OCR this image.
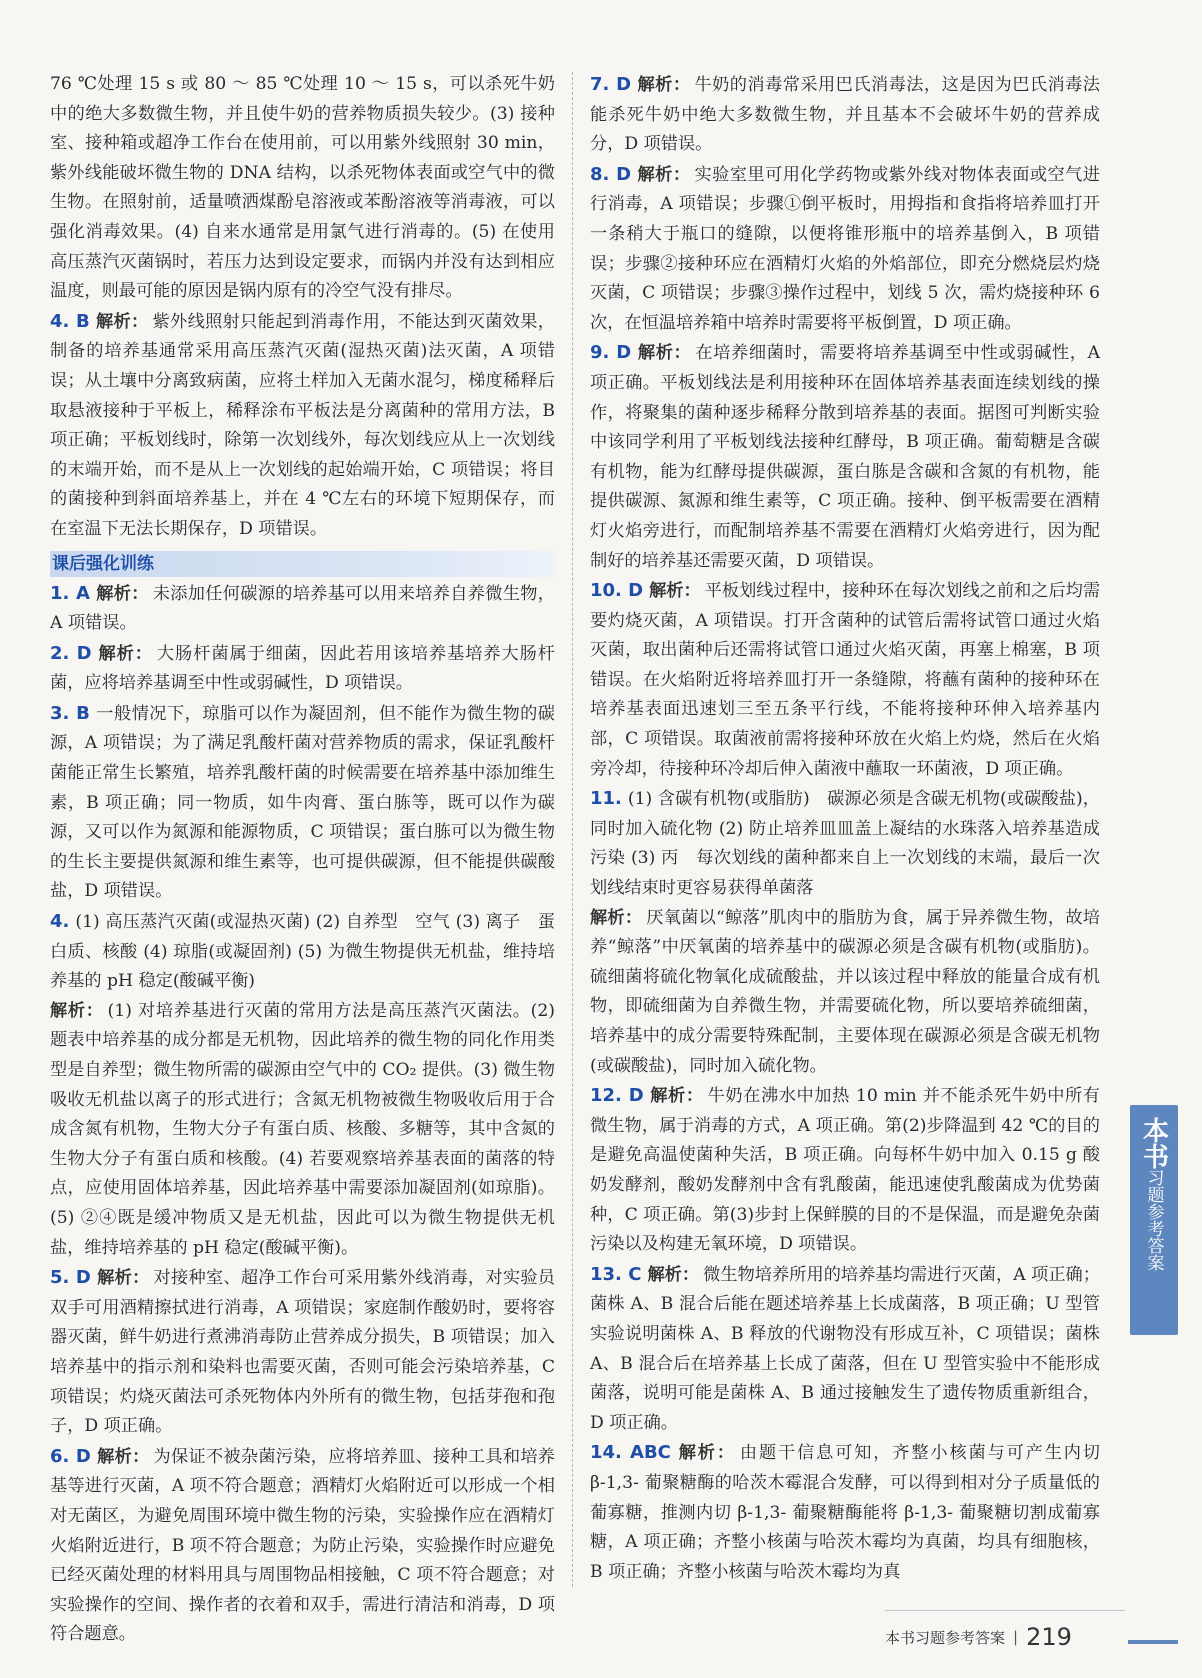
76 ℃处理 15 s 或 80 ～ 85 ℃处理 10 ～ 15 s，可以杀死牛奶中的绝大多数微生物，并且使牛奶的营养物质损失较少。(3) 接种室、接种箱或超净工作台在使用前，可以用紫外线照射 30 min，紫外线能破坏微生物的 DNA 结构，以杀死物体表面或空气中的微生物。在照射前，适量喷洒煤酚皂溶液或苯酚溶液等消毒液，可以强化消毒效果。(4) 自来水通常是用氯气进行消毒的。(5) 在使用高压蒸汽灭菌锅时，若压力达到设定要求，而锅内并没有达到相应温度，则最可能的原因是锅内原有的冷空气没有排尽。

4. B 解析： 紫外线照射只能起到消毒作用，不能达到灭菌效果，制备的培养基通常采用高压蒸汽灭菌(湿热灭菌)法灭菌，A 项错误；从土壤中分离致病菌，应将土样加入无菌水混匀，梯度稀释后取悬液接种于平板上，稀释涂布平板法是分离菌种的常用方法，B 项正确；平板划线时，除第一次划线外，每次划线应从上一次划线的末端开始，而不是从上一次划线的起始端开始，C 项错误；将目的菌接种到斜面培养基上，并在 4 ℃左右的环境下短期保存，而在室温下无法长期保存，D 项错误。

课后强化训练

1. A 解析： 未添加任何碳源的培养基可以用来培养自养微生物，A 项错误。

2. D 解析： 大肠杆菌属于细菌，因此若用该培养基培养大肠杆菌，应将培养基调至中性或弱碱性，D 项错误。

3. B 一般情况下，琼脂可以作为凝固剂，但不能作为微生物的碳源，A 项错误；为了满足乳酸杆菌对营养物质的需求，保证乳酸杆菌能正常生长繁殖，培养乳酸杆菌的时候需要在培养基中添加维生素，B 项正确；同一物质，如牛肉膏、蛋白胨等，既可以作为碳源，又可以作为氮源和能源物质，C 项错误；蛋白胨可以为微生物的生长主要提供氮源和维生素等，也可提供碳源，但不能提供碳酸盐，D 项错误。

4. (1) 高压蒸汽灭菌(或湿热灭菌) (2) 自养型　空气 (3) 离子　蛋白质、核酸 (4) 琼脂(或凝固剂) (5) 为微生物提供无机盐，维持培养基的 pH 稳定(酸碱平衡)

解析： (1) 对培养基进行灭菌的常用方法是高压蒸汽灭菌法。(2) 题表中培养基的成分都是无机物，因此培养的微生物的同化作用类型是自养型；微生物所需的碳源由空气中的 CO₂ 提供。(3) 微生物吸收无机盐以离子的形式进行；含氮无机物被微生物吸收后用于合成含氮有机物，生物大分子有蛋白质、核酸、多糖等，其中含氮的生物大分子有蛋白质和核酸。(4) 若要观察培养基表面的菌落的特点，应使用固体培养基，因此培养基中需要添加凝固剂(如琼脂)。(5) ②④既是缓冲物质又是无机盐，因此可以为微生物提供无机盐，维持培养基的 pH 稳定(酸碱平衡)。

5. D 解析： 对接种室、超净工作台可采用紫外线消毒，对实验员双手可用酒精擦拭进行消毒，A 项错误；家庭制作酸奶时，要将容器灭菌，鲜牛奶进行煮沸消毒防止营养成分损失，B 项错误；加入培养基中的指示剂和染料也需要灭菌，否则可能会污染培养基，C 项错误；灼烧灭菌法可杀死物体内外所有的微生物，包括芽孢和孢子，D 项正确。

6. D 解析： 为保证不被杂菌污染，应将培养皿、接种工具和培养基等进行灭菌，A 项不符合题意；酒精灯火焰附近可以形成一个相对无菌区，为避免周围环境中微生物的污染，实验操作应在酒精灯火焰附近进行，B 项不符合题意；为防止污染，实验操作时应避免已经灭菌处理的材料用具与周围物品相接触，C 项不符合题意；对实验操作的空间、操作者的衣着和双手，需进行清洁和消毒，D 项符合题意。

7. D 解析： 牛奶的消毒常采用巴氏消毒法，这是因为巴氏消毒法能杀死牛奶中绝大多数微生物，并且基本不会破坏牛奶的营养成分，D 项错误。

8. D 解析： 实验室里可用化学药物或紫外线对物体表面或空气进行消毒，A 项错误；步骤①倒平板时，用拇指和食指将培养皿打开一条稍大于瓶口的缝隙，以便将锥形瓶中的培养基倒入，B 项错误；步骤②接种环应在酒精灯火焰的外焰部位，即充分燃烧层灼烧灭菌，C 项错误；步骤③操作过程中，划线 5 次，需灼烧接种环 6 次，在恒温培养箱中培养时需要将平板倒置，D 项正确。

9. D 解析： 在培养细菌时，需要将培养基调至中性或弱碱性，A 项正确。平板划线法是利用接种环在固体培养基表面连续划线的操作，将聚集的菌种逐步稀释分散到培养基的表面。据图可判断实验中该同学利用了平板划线法接种红酵母，B 项正确。葡萄糖是含碳有机物，能为红酵母提供碳源，蛋白胨是含碳和含氮的有机物，能提供碳源、氮源和维生素等，C 项正确。接种、倒平板需要在酒精灯火焰旁进行，而配制培养基不需要在酒精灯火焰旁进行，因为配制好的培养基还需要灭菌，D 项错误。

10. D 解析： 平板划线过程中，接种环在每次划线之前和之后均需要灼烧灭菌，A 项错误。打开含菌种的试管后需将试管口通过火焰灭菌，取出菌种后还需将试管口通过火焰灭菌，再塞上棉塞，B 项错误。在火焰附近将培养皿打开一条缝隙，将蘸有菌种的接种环在培养基表面迅速划三至五条平行线，不能将接种环伸入培养基内部，C 项错误。取菌液前需将接种环放在火焰上灼烧，然后在火焰旁冷却，待接种环冷却后伸入菌液中蘸取一环菌液，D 项正确。

11. (1) 含碳有机物(或脂肪)　碳源必须是含碳无机物(或碳酸盐)，同时加入硫化物 (2) 防止培养皿皿盖上凝结的水珠落入培养基造成污染 (3) 丙　每次划线的菌种都来自上一次划线的末端，最后一次划线结束时更容易获得单菌落

解析： 厌氧菌以“鲸落”肌肉中的脂肪为食，属于异养微生物，故培养“鲸落”中厌氧菌的培养基中的碳源必须是含碳有机物(或脂肪)。硫细菌将硫化物氧化成硫酸盐，并以该过程中释放的能量合成有机物，即硫细菌为自养微生物，并需要硫化物，所以要培养硫细菌，培养基中的成分需要特殊配制，主要体现在碳源必须是含碳无机物(或碳酸盐)，同时加入硫化物。

12. D 解析： 牛奶在沸水中加热 10 min 并不能杀死牛奶中所有微生物，属于消毒的方式，A 项正确。第(2)步降温到 42 ℃的目的是避免高温使菌种失活，B 项正确。向每杯牛奶中加入 0.15 g 酸奶发酵剂，酸奶发酵剂中含有乳酸菌，能迅速使乳酸菌成为优势菌种，C 项正确。第(3)步封上保鲜膜的目的不是保温，而是避免杂菌污染以及构建无氧环境，D 项错误。

13. C 解析： 微生物培养所用的培养基均需进行灭菌，A 项正确；菌株 A、B 混合后能在题述培养基上长成菌落，B 项正确；U 型管实验说明菌株 A、B 释放的代谢物没有形成互补，C 项错误；菌株 A、B 混合后在培养基上长成了菌落，但在 U 型管实验中不能形成菌落，说明可能是菌株 A、B 通过接触发生了遗传物质重新组合，D 项正确。

14. ABC 解析： 由题干信息可知，齐整小核菌与可产生内切 β-1,3- 葡聚糖酶的哈茨木霉混合发酵，可以得到相对分子质量低的葡寡糖，推测内切 β-1,3- 葡聚糖酶能将 β-1,3- 葡聚糖切割成葡寡糖，A 项正确；齐整小核菌与哈茨木霉均为真菌，均具有细胞核，B 项正确；齐整小核菌与哈茨木霉均为真

本书
习题参考答案
本书习题参考答案 | 219
